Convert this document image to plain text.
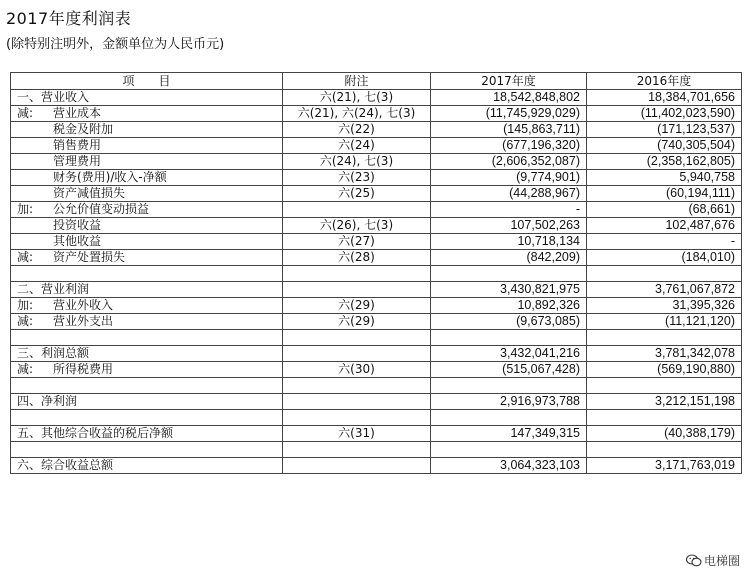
2017年度利润表
(除特别注明外，金额单位为人民币元)
项　　目	附注	2017年度	2016年度
一、营业收入	六(21), 七(3)	18,542,848,802	18,384,701,656
减: 营业成本	六(21), 六(24), 七(3)	(11,745,929,029)	(11,402,023,590)
税金及附加	六(22)	(145,863,711)	(171,123,537)
销售费用	六(24)	(677,196,320)	(740,305,504)
管理费用	六(24), 七(3)	(2,606,352,087)	(2,358,162,805)
财务(费用)/收入-净额	六(23)	(9,774,901)	5,940,758
资产减值损失	六(25)	(44,288,967)	(60,194,111)
加: 公允价值变动损益		-	(68,661)
投资收益	六(26), 七(3)	107,502,263	102,487,676
其他收益	六(27)	10,718,134	-
减: 资产处置损失	六(28)	(842,209)	(184,010)

二、营业利润		3,430,821,975	3,761,067,872
加: 营业外收入	六(29)	10,892,326	31,395,326
减: 营业外支出	六(29)	(9,673,085)	(11,121,120)

三、利润总额		3,432,041,216	3,781,342,078
减: 所得税费用	六(30)	(515,067,428)	(569,190,880)

四、净利润		2,916,973,788	3,212,151,198

五、其他综合收益的税后净额	六(31)	147,349,315	(40,388,179)

六、综合收益总额		3,064,323,103	3,171,763,019
电梯圈
